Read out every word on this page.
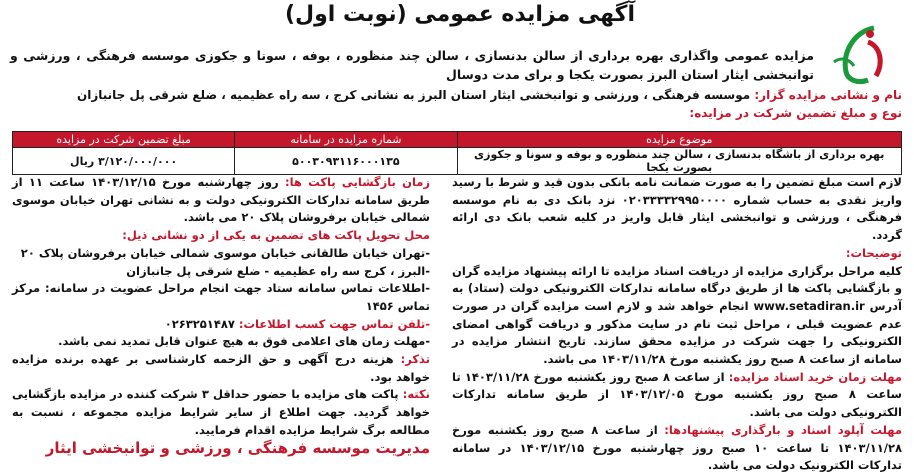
آگهی مزایده عمومی (نوبت اول)
مزایده عمومی واگذاری بهره برداری از سالن بدنسازی ، سالن چند منظوره ، بوفه ، سونا و جکوزی موسسه فرهنگی ، ورزشی و توانبخشی ایثار استان البرز بصورت یکجا و برای مدت دوسال
نام و نشانی مزایده گزار: موسسه فرهنگی ، ورزشی و توانبخشی ایثار استان البرز به نشانی کرج ، سه راه عظیمیه ، ضلع شرقی پل جانبازان
نوع و مبلغ تضمین شرکت در مزایده:
موضوع مزایده	شماره مزایده در سامانه	مبلغ تضمین شرکت در مزایده
بهره برداری از باشگاه بدنسازی ، سالن چند منظوره و بوفه و سونا و جکوزی بصورت یکجا	۵۰۰۳۰۹۳۱۱۶۰۰۰۱۳۵	۳/۱۲۰/۰۰۰/۰۰۰ ریال

لازم است مبلغ تضمین را به صورت ضمانت نامه بانکی بدون قید و شرط با رسید واریز نقدی به حساب شماره ۰۲۰۳۳۳۳۲۹۹۵۰۰۰۰ نزد بانک دی به نام موسسه فرهنگی ، ورزشی و توانبخشی ایثار قابل واریز در کلیه شعب بانک دی ارائه گردد.

توضیحات:

کلیه مراحل برگزاری مزایده از دریافت اسناد مزایده تا ارائه پیشنهاد مزایده گران و بازگشایی پاکت ها از طریق درگاه سامانه تدارکات الکترونیکی دولت (ستاد) به آدرس www.setadiran.ir انجام خواهد شد و لازم است مزایده گران در صورت عدم عضویت قبلی ، مراحل ثبت نام در سایت مذکور و دریافت گواهی امضای الکترونیکی را جهت شرکت در مزایده محقق سازند. تاریخ انتشار مزایده در سامانه از ساعت ۸ صبح روز یکشنبه مورخ ۱۴۰۳/۱۱/۲۸ می باشد.

مهلت زمان خرید اسناد مزایده: از ساعت ۸ صبح روز یکشنبه مورخ ۱۴۰۳/۱۱/۲۸ تا ساعت ۸ صبح روز یکشنبه مورخ ۱۴۰۳/۱۲/۰۵ از طریق سامانه تدارکات الکترونیکی دولت می باشد.

مهلت آپلود اسناد و بارگذاری پیشنهادها: از ساعت ۸ صبح روز یکشنبه مورخ ۱۴۰۳/۱۱/۲۸ تا ساعت ۱۰ صبح روز چهارشنبه مورخ ۱۴۰۳/۱۲/۱۵ در سامانه تدارکات الکترونیک دولت می باشد.

زمان بازگشایی پاکت ها: روز چهارشنبه مورخ ۱۴۰۳/۱۲/۱۵ ساعت ۱۱ از طریق سامانه تدارکات الکترونیکی دولت و به نشانی تهران خیابان موسوی شمالی خیابان برفروشان پلاک ۲۰ می باشد.

محل تحویل پاکت های تضمین به یکی از دو نشانی ذیل:

-تهران خیابان طالقانی خیابان موسوی شمالی خیابان برفروشان پلاک ۲۰

-البرز ، کرج سه راه عظیمیه - ضلع شرقی پل جانبازان

-اطلاعات تماس سامانه ستاد جهت انجام مراحل عضویت در سامانه: مرکز تماس ۱۴۵۶

-تلفن تماس جهت کسب اطلاعات: ۰۲۶۳۲۵۱۴۸۷

-مهلت زمان های اعلامی فوق به هیچ عنوان قابل تمدید نمی باشد.

تذکر: هزینه درج آگهی و حق الزحمه کارشناسی بر عهده برنده مزایده خواهد بود.

نکته: پاکت های مزایده با حضور حداقل ۳ شرکت کننده در مزایده بازگشایی خواهد گردید. جهت اطلاع از سایر شرایط مزایده مجموعه ، نسبت به مطالعه برگ شرایط مزایده اقدام فرمایید.

مدیریت موسسه فرهنگی ، ورزشی و توانبخشی ایثار
